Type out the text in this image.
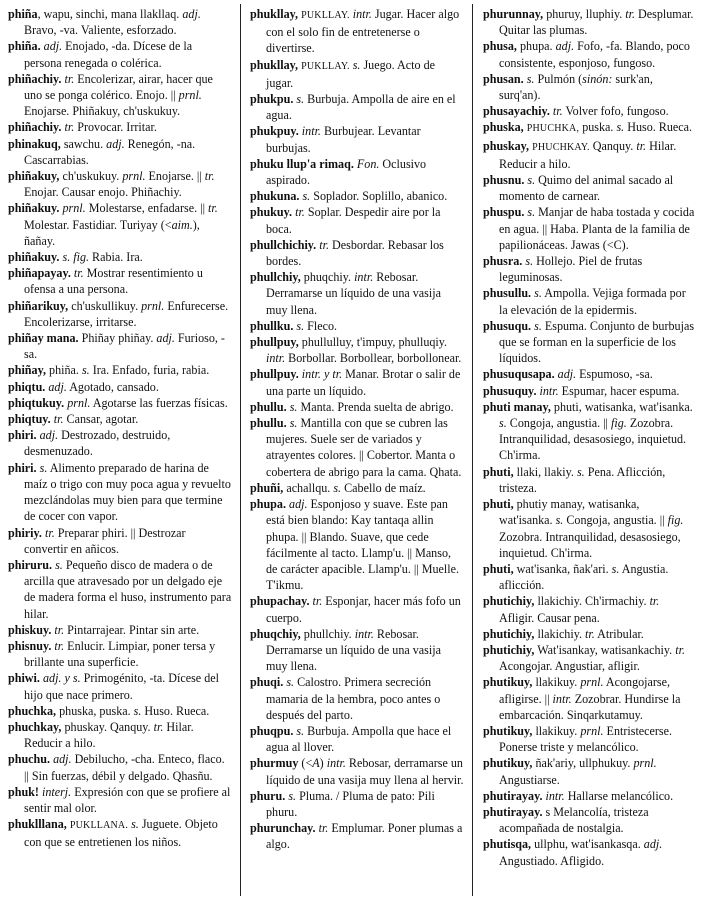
phiña, wapu, sinchi, mana llakllaq. adj. Bravo, -va. Valiente, esforzado.

phiña. adj. Enojado, -da. Dícese de la persona renegada o colérica.

phiñachiy. tr. Encolerizar, airar, hacer que uno se ponga colérico. Enojo. || prnl. Enojarse. Phiñakuy, ch'uskukuy.

phiñachiy. tr. Provocar. Irritar.

phinakuq, sawchu. adj. Renegón, -na. Cascarrabias.

phiñakuy, ch'uskukuy. prnl. Enojarse. || tr. Enojar. Causar enojo. Phiñachiy.

phiñakuy. prnl. Molestarse, enfadarse. || tr. Molestar. Fastidiar. Turiyay (<aim.), ñañay.

phiñakuy. s. fig. Rabia. Ira.

phiñapayay. tr. Mostrar resentimiento u ofensa a una persona.

phiñarikuy, ch'uskullikuy. prnl. Enfurecerse. Encolerizarse, irritarse.

phiñay mana. Phiñay phiñay. adj. Furioso, -sa.

phiñay, phiña. s. Ira. Enfado, furia, rabia.

phiqtu. adj. Agotado, cansado.

phiqtukuy. prnl. Agotarse las fuerzas físicas.

phiqtuy. tr. Cansar, agotar.

phiri. adj. Destrozado, destruido, desmenuzado.

phiri. s. Alimento preparado de harina de maíz o trigo con muy poca agua y revuelto mezclándolas muy bien para que termine de cocer con vapor.

phiriy. tr. Preparar phiri. || Destrozar convertir en añicos.

phiruru. s. Pequeño disco de madera o de arcilla que atravesado por un delgado eje de madera forma el huso, instrumento para hilar.

phiskuy. tr. Pintarrajear. Pintar sin arte.

phisnuy. tr. Enlucir. Limpiar, poner tersa y brillante una superficie.

phiwi. adj. y s. Primogénito, -ta. Dícese del hijo que nace primero.

phuchka, phuska, puska. s. Huso. Rueca.

phuchkay, phuskay. Qanquy. tr. Hilar. Reducir a hilo.

phuchu. adj. Debilucho, -cha. Enteco, flaco. || Sin fuerzas, débil y delgado. Qhasñu.

phuk! interj. Expresión con que se profiere al sentir mal olor.

phuklllana, PUKLLANA. s. Juguete. Objeto con que se entretienen los niños.

phukllay, PUKLLAY. intr. Jugar. Hacer algo con el solo fin de entretenerse o divertirse.

phukllay, PUKLLAY. s. Juego. Acto de jugar.

phukpu. s. Burbuja. Ampolla de aire en el agua.

phukpuy. intr. Burbujear. Levantar burbujas.

phuku llup'a rimaq. Fon. Oclusivo aspirado.

phukuna. s. Soplador. Soplillo, abanico.

phukuy. tr. Soplar. Despedir aire por la boca.

phullchichiy. tr. Desbordar. Rebasar los bordes.

phullchiy, phuqchiy. intr. Rebosar. Derramarse un líquido de una vasija muy llena.

phullku. s. Fleco.

phullpuy, phullulluy, t'impuy, phulluqiy. intr. Borbollar. Borbollear, borbollonear.

phullpuy. intr. y tr. Manar. Brotar o salir de una parte un líquido.

phullu. s. Manta. Prenda suelta de abrigo.

phullu. s. Mantilla con que se cubren las mujeres. Suele ser de variados y atrayentes colores. || Cobertor. Manta o cobertera de abrigo para la cama. Qhata.

phuñi, achallqu. s. Cabello de maíz.

phupa. adj. Esponjoso y suave. Este pan está bien blando: Kay tantaqa allin phupa. || Blando. Suave, que cede fácilmente al tacto. Llamp'u. || Manso, de carácter apacible. Llamp'u. || Muelle. T'ikmu.

phupachay. tr. Esponjar, hacer más fofo un cuerpo.

phuqchiy, phullchiy. intr. Rebosar. Derramarse un líquido de una vasija muy llena.

phuqi. s. Calostro. Primera secreción mamaria de la hembra, poco antes o después del parto.

phuqpu. s. Burbuja. Ampolla que hace el agua al llover.

phurmuy (<A) intr. Rebosar, derramarse un líquido de una vasija muy llena al hervir.

phuru. s. Pluma. / Pluma de pato: Pili phuru.

phurunchay. tr. Emplumar. Poner plumas a algo.

phurunnay, phuruy, lluphiy. tr. Desplumar. Quitar las plumas.

phusa, phupa. adj. Fofo, -fa. Blando, poco consistente, esponjoso, fungoso.

phusan. s. Pulmón (sinón: surk'an, surq'an).

phusayachiy. tr. Volver fofo, fungoso.

phuska, PHUCHKA, puska. s. Huso. Rueca.

phuskay, PHUCHKAY. Qanquy. tr. Hilar. Reducir a hilo.

phusnu. s. Quimo del animal sacado al momento de carnear.

phuspu. s. Manjar de haba tostada y cocida en agua. || Haba. Planta de la familia de papilionáceas. Jawas (<C).

phusra. s. Hollejo. Piel de frutas leguminosas.

phusullu. s. Ampolla. Vejiga formada por la elevación de la epidermis.

phusuqu. s. Espuma. Conjunto de burbujas que se forman en la superficie de los líquidos.

phusuqusapa. adj. Espumoso, -sa.

phusuquy. intr. Espumar, hacer espuma.

phuti manay, phuti, watisanka, wat'isanka. s. Congoja, angustia. || fig. Zozobra. Intranquilidad, desasosiego, inquietud. Ch'irma.

phuti, llaki, llakiy. s. Pena. Aflicción, tristeza.

phuti, phutiy manay, watisanka, wat'isanka. s. Congoja, angustia. || fig. Zozobra. Intranquilidad, desasosiego, inquietud. Ch'irma.

phuti, wat'isanka, ñak'ari. s. Angustia. aflicción.

phutichiy, llakichiy. Ch'irmachiy. tr. Afligir. Causar pena.

phutichiy, llakichiy. tr. Atribular.

phutichiy, Wat'isankay, watisankachiy. tr. Acongojar. Angustiar, afligir.

phutikuy, llakikuy. prnl. Acongojarse, afligirse. || intr. Zozobrar. Hundirse la embarcación. Sinqarkutamuy.

phutikuy, llakikuy. prnl. Entristecerse. Ponerse triste y melancólico.

phutikuy, ñak'ariy, ullphukuy. prnl. Angustiarse.

phutirayay. intr. Hallarse melancólico.

phutirayay. s Melancolía, tristeza acompañada de nostalgia.

phutisqa, ullphu, wat'isankasqa. adj. Angustiado. Afligido.
